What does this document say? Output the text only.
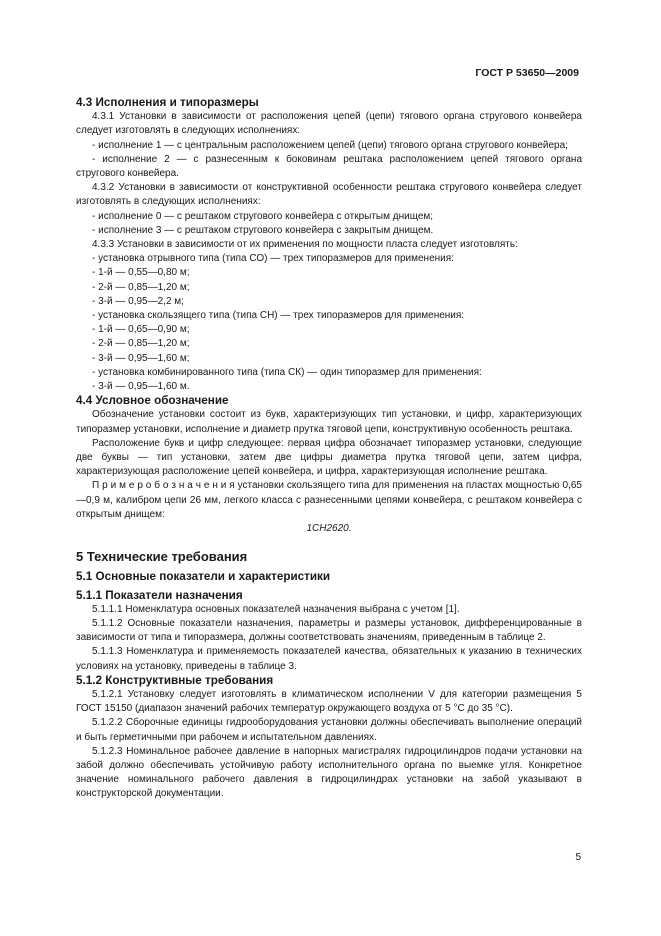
ГОСТ Р 53650—2009
4.3 Исполнения и типоразмеры

4.3.1 Установки в зависимости от расположения цепей (цепи) тягового органа стругового конвейера следует изготовлять в следующих исполнениях:

- исполнение 1 — с центральным расположением цепей (цепи) тягового органа стругового конвейера;

- исполнение 2 — с разнесенным к боковинам рештака расположением цепей тягового органа стругового конвейера.

4.3.2 Установки в зависимости от конструктивной особенности рештака стругового конвейера следует изготовлять в следующих исполнениях:

- исполнение 0 — с рештаком стругового конвейера с открытым днищем;

- исполнение 3 — с рештаком стругового конвейера с закрытым днищем.

4.3.3 Установки в зависимости от их применения по мощности пласта следует изготовлять:

- установка отрывного типа (типа СО) — трех типоразмеров для применения:

- 1-й — 0,55—0,80 м;

- 2-й — 0,85—1,20 м;

- 3-й — 0,95—2,2 м;

- установка скользящего типа (типа СН) — трех типоразмеров для применения:

- 1-й — 0,65—0,90 м;

- 2-й — 0,85—1,20 м;

- 3-й — 0,95—1,60 м;

- установка комбинированного типа (типа СК) — один типоразмер для применения:

- 3-й — 0,95—1,60 м.

4.4 Условное обозначение

Обозначение установки состоит из букв, характеризующих тип установки, и цифр, характеризующих типоразмер установки, исполнение и диаметр прутка тяговой цепи, конструктивную особенность рештака.

Расположение букв и цифр следующее: первая цифра обозначает типоразмер установки, следующие две буквы — тип установки, затем две цифры диаметра прутка тяговой цепи, затем цифра, характеризующая расположение цепей конвейера, и цифра, характеризующая исполнение рештака.

П р и м е р о б о з н а ч е н и я установки скользящего типа для применения на пластах мощностью 0,65—0,9 м, калибром цепи 26 мм, легкого класса с разнесенными цепями конвейера, с рештаком конвейера с открытым днищем:

1СН2620.

5 Технические требования

5.1 Основные показатели и характеристики

5.1.1 Показатели назначения

5.1.1.1 Номенклатура основных показателей назначения выбрана с учетом [1].

5.1.1.2 Основные показатели назначения, параметры и размеры установок, дифференцированные в зависимости от типа и типоразмера, должны соответствовать значениям, приведенным в таблице 2.

5.1.1.3 Номенклатура и применяемость показателей качества, обязательных к указанию в технических условиях на установку, приведены в таблице 3.

5.1.2 Конструктивные требования

5.1.2.1 Установку следует изготовлять в климатическом исполнении V для категории размещения 5 ГОСТ 15150 (диапазон значений рабочих температур окружающего воздуха от 5 °С до 35 °С).

5.1.2.2 Сборочные единицы гидрооборудования установки должны обеспечивать выполнение операций и быть герметичными при рабочем и испытательном давлениях.

5.1.2.3 Номинальное рабочее давление в напорных магистралях гидроцилиндров подачи установки на забой должно обеспечивать устойчивую работу исполнительного органа по выемке угля. Конкретное значение номинального рабочего давления в гидроцилиндрах установки на забой указывают в конструкторской документации.

5
